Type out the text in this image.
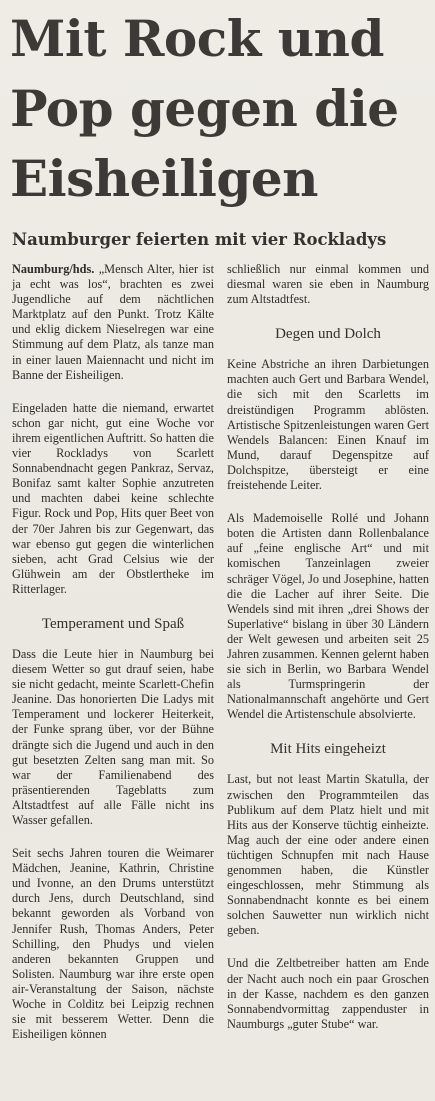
Mit Rock und
Pop gegen die
Eisheiligen
Naumburger feierten mit vier Rockladys

Naumburg/hds. „Mensch Alter, hier ist ja echt was los“, brachten es zwei Jugendliche auf dem nächtlichen Marktplatz auf den Punkt. Trotz Kälte und eklig dickem Nieselregen war eine Stimmung auf dem Platz, als tanze man in einer lauen Maiennacht und nicht im Banne der Eisheiligen.

Eingeladen hatte die niemand, erwartet schon gar nicht, gut eine Woche vor ihrem eigentlichen Auftritt. So hatten die vier Rockladys von Scarlett Sonnabendnacht gegen Pankraz, Servaz, Bonifaz samt kalter Sophie anzutreten und machten dabei keine schlechte Figur. Rock und Pop, Hits quer Beet von der 70er Jahren bis zur Gegenwart, das war ebenso gut gegen die winterlichen sieben, acht Grad Celsius wie der Glühwein am der Obstlertheke im Ritterlager.

Temperament und Spaß

Dass die Leute hier in Naumburg bei diesem Wetter so gut drauf seien, habe sie nicht gedacht, meinte Scarlett-Chefin Jeanine. Das honorierten Die Ladys mit Temperament und lockerer Heiterkeit, der Funke sprang über, vor der Bühne drängte sich die Jugend und auch in den gut besetzten Zelten sang man mit. So war der Familienabend des präsentierenden Tageblatts zum Altstadtfest auf alle Fälle nicht ins Wasser gefallen.

Seit sechs Jahren touren die Weimarer Mädchen, Jeanine, Kathrin, Christine und Ivonne, an den Drums unterstützt durch Jens, durch Deutschland, sind bekannt geworden als Vorband von Jennifer Rush, Thomas Anders, Peter Schilling, den Phudys und vielen anderen bekannten Gruppen und Solisten. Naumburg war ihre erste open air-Veranstaltung der Saison, nächste Woche in Colditz bei Leipzig rechnen sie mit besserem Wetter. Denn die Eisheiligen können

schließlich nur einmal kommen und diesmal waren sie eben in Naumburg zum Altstadtfest.

Degen und Dolch

Keine Abstriche an ihren Darbietungen machten auch Gert und Barbara Wendel, die sich mit den Scarletts im dreistündigen Programm ablösten. Artistische Spitzenleistungen waren Gert Wendels Balancen: Einen Knauf im Mund, darauf Degenspitze auf Dolchspitze, übersteigt er eine freistehende Leiter.

Als Mademoiselle Rollé und Johann boten die Artisten dann Rollenbalance auf „feine englische Art“ und mit komischen Tanzeinlagen zweier schräger Vögel, Jo und Josephine, hatten die die Lacher auf ihrer Seite. Die Wendels sind mit ihren „drei Shows der Superlative“ bislang in über 30 Ländern der Welt gewesen und arbeiten seit 25 Jahren zusammen. Kennen gelernt haben sie sich in Berlin, wo Barbara Wendel als Turmspringerin der Nationalmannschaft angehörte und Gert Wendel die Artistenschule absolvierte.

Mit Hits eingeheizt

Last, but not least Martin Skatulla, der zwischen den Programmteilen das Publikum auf dem Platz hielt und mit Hits aus der Konserve tüchtig einheizte. Mag auch der eine oder andere einen tüchtigen Schnupfen mit nach Hause genommen haben, die Künstler eingeschlossen, mehr Stimmung als Sonnabendnacht konnte es bei einem solchen Sauwetter nun wirklich nicht geben.

Und die Zeltbetreiber hatten am Ende der Nacht auch noch ein paar Groschen in der Kasse, nachdem es den ganzen Sonnabendvormittag zappenduster in Naumburgs „guter Stube“ war.
